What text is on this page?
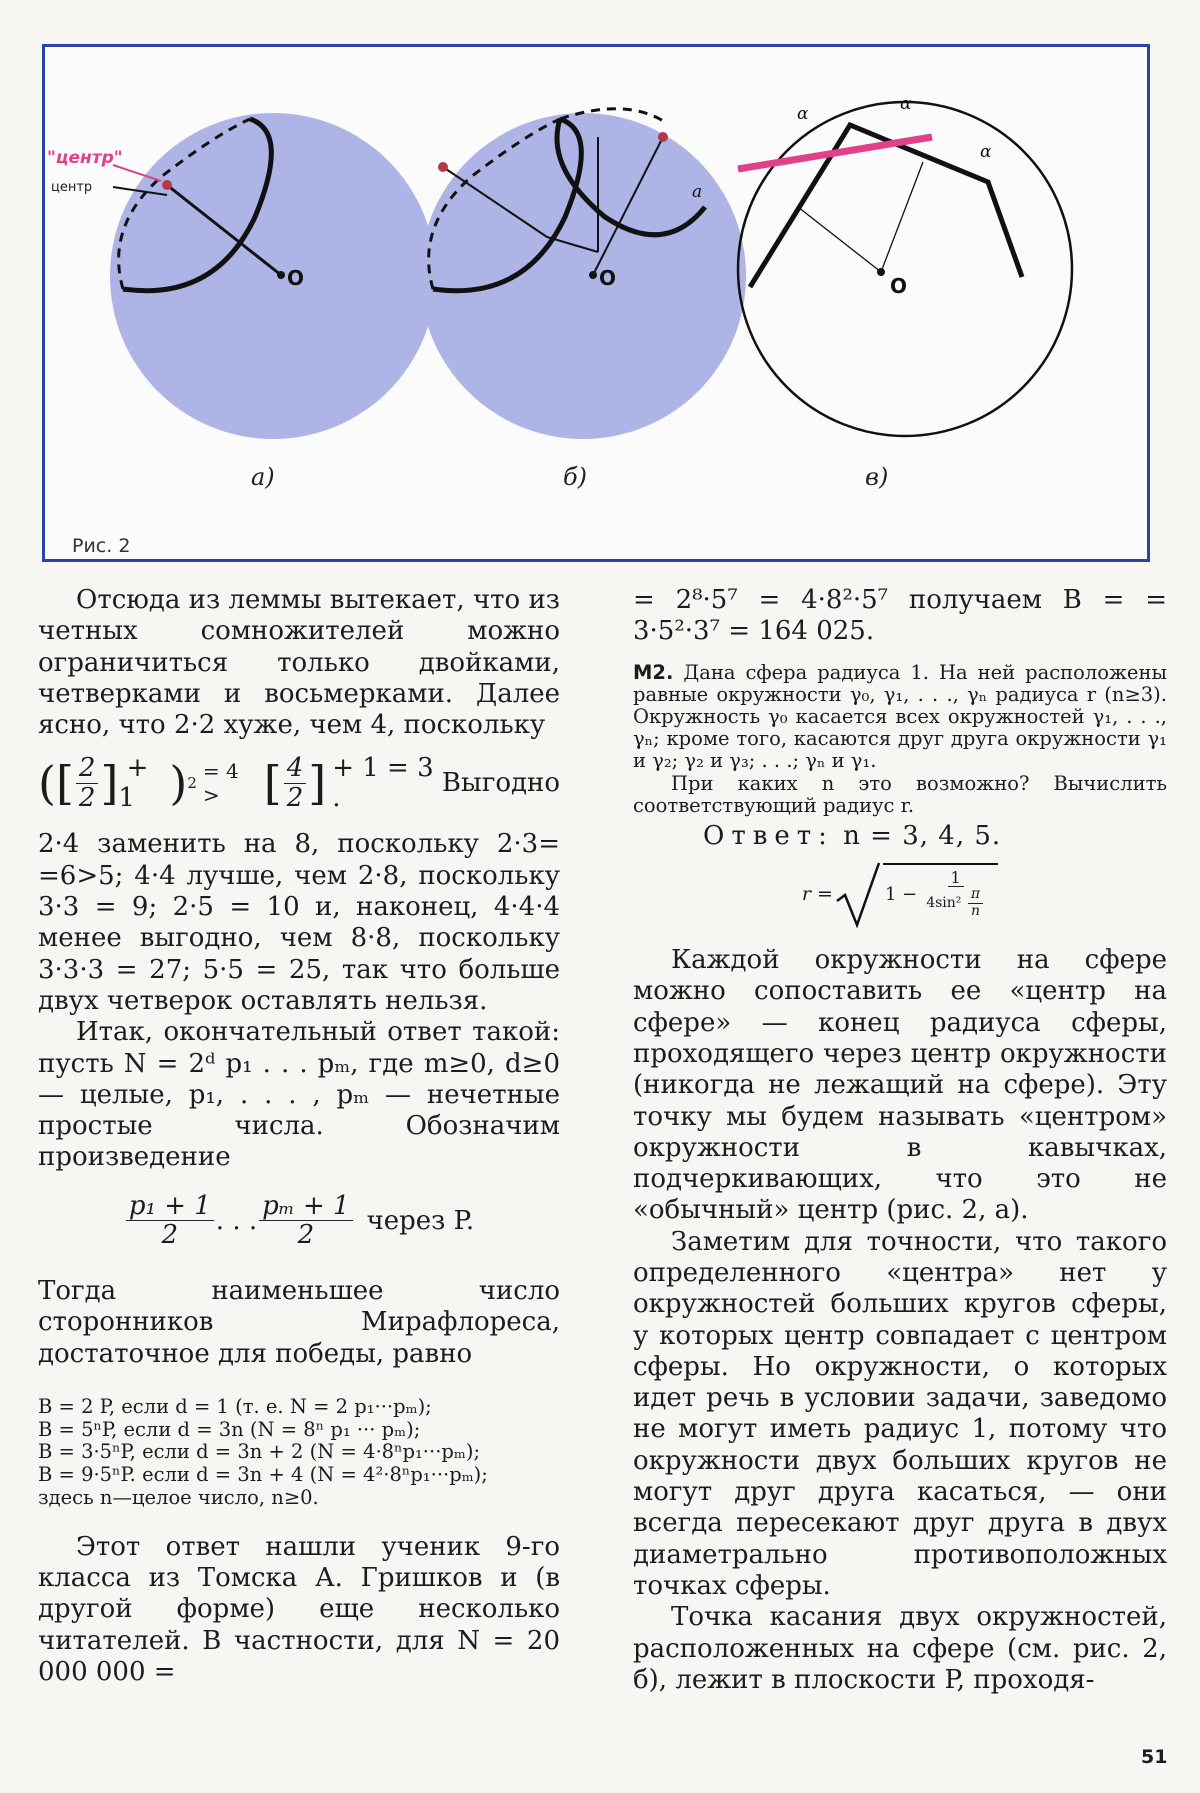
"центр"
центр
О
а)
О
б)
О
α	α
α
a
в)
Рис. 2

Отсюда из леммы вытекает, что из четных сомножителей можно ограничиться только двойками, четверками и восьмерками. Далее ясно, что 2·2 хуже, чем 4, поскольку

([ $\frac{2}{2}$ ] + 1 ) 2 = 4 > [ $\frac{4}{2}$ ] + 1 = 3 .	Выгодно

2·4 заменить на 8, поскольку 2·3= =6>5; 4·4 лучше, чем 2·8, поскольку 3·3 = 9; 2·5 = 10 и, наконец, 4·4·4 менее выгодно, чем 8·8, поскольку 3·3·3 = 27; 5·5 = 25, так что больше двух четверок оставлять нельзя.

Итак, окончательный ответ такой: пусть N = 2ᵈ p₁ . . . pₘ, где m≥0, d≥0 — целые, p₁, . . . , pₘ — нечетные простые числа. Обозначим произведение

$\frac{\text{p₁ + 1}}{2}$ . . . $\frac{\text{pₘ + 1}}{2}$ через P.

Тогда наименьшее число сторонников Мирафлореса, достаточное для победы, равно

B = 2 P, если d = 1 (т. е. N = 2 p₁···pₘ);
B = 5ⁿP, если d = 3n (N = 8ⁿ p₁ ··· pₘ);
B = 3·5ⁿP, если d = 3n + 2 (N = 4·8ⁿp₁···pₘ);
B = 9·5ⁿP. если d = 3n + 4 (N = 4²·8ⁿp₁···pₘ);
здесь n—целое число, n≥0.

Этот ответ нашли ученик 9-го класса из Томска А. Гришков и (в другой форме) еще несколько читателей. В частности, для N = 20 000 000 =

= 2⁸·5⁷ = 4·8²·5⁷ получаем B = = 3·5²·3⁷ = 164 025.

М2. Дана сфера радиуса 1. На ней расположены равные окружности γ₀, γ₁, . . ., γₙ радиуса r (n≥3). Окружность γ₀ касается всех окружностей γ₁, . . ., γₙ; кроме того, касаются друг друга окружности γ₁ и γ₂; γ₂ и γ₃; . . .; γₙ и γ₁.

При каких n это возможно? Вычислить соответствующий радиус r.

Ответ: n = 3, 4, 5.
r =	$1 - \frac{1}{4\sin^2 \frac{\pi}{n}}$

Каждой окружности на сфере можно сопоставить ее «центр на сфере» — конец радиуса сферы, проходящего через центр окружности (никогда не лежащий на сфере). Эту точку мы будем называть «центром» окружности в кавычках, подчеркивающих, что это не «обычный» центр (рис. 2, а).

Заметим для точности, что такого определенного «центра» нет у окружностей больших кругов сферы, у которых центр совпадает с центром сферы. Но окружности, о которых идет речь в условии задачи, заведомо не могут иметь радиус 1, потому что окружности двух больших кругов не могут друг друга касаться, — они всегда пересекают друг друга в двух диаметрально противоположных точках сферы.

Точка касания двух окружностей, расположенных на сфере (см. рис. 2, б), лежит в плоскости P, проходя-

51
